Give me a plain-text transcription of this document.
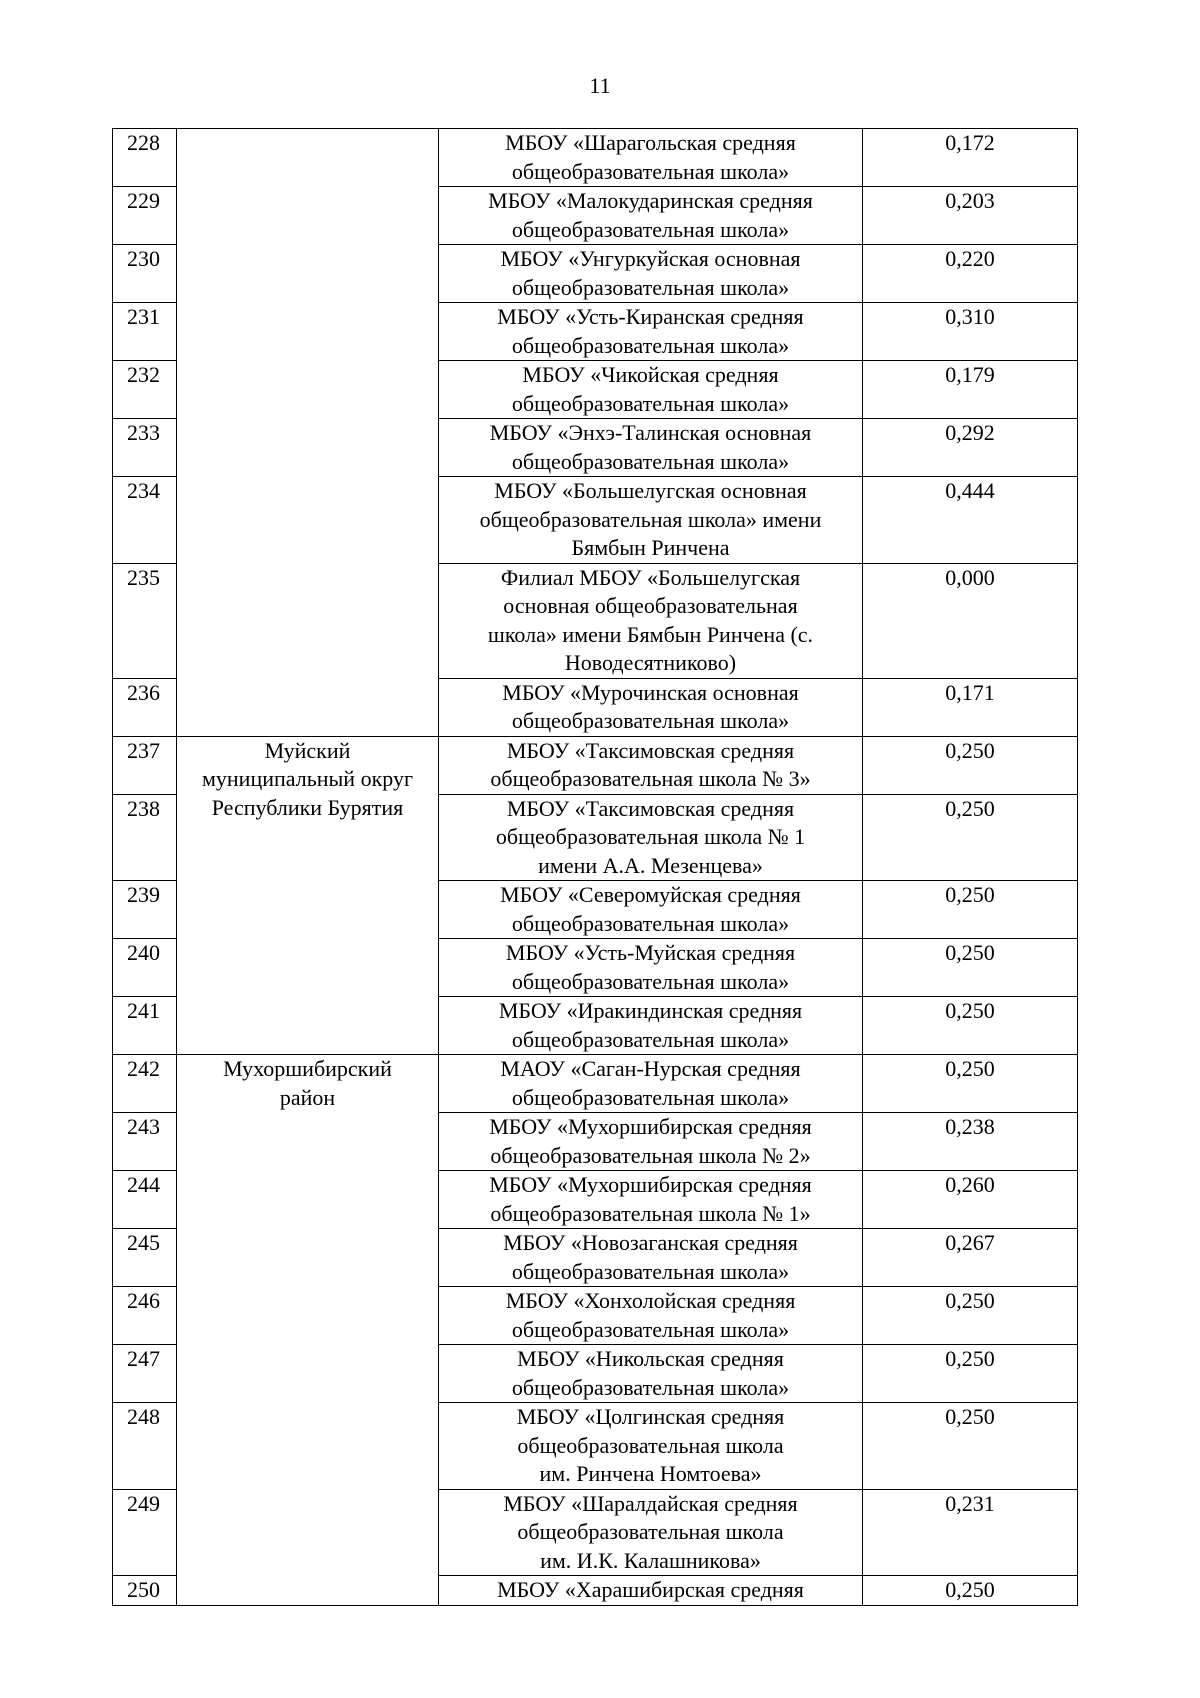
11
228		МБОУ «Шарагольская средняя
общеобразовательная школа»	0,172
229		МБОУ «Малокударинская средняя
общеобразовательная школа»	0,203
230		МБОУ «Унгуркуйская основная
общеобразовательная школа»	0,220
231		МБОУ «Усть-Киранская средняя
общеобразовательная школа»	0,310
232		МБОУ «Чикойская средняя
общеобразовательная школа»	0,179
233		МБОУ «Энхэ-Талинская основная
общеобразовательная школа»	0,292
234		МБОУ «Большелугская основная
общеобразовательная школа» имени
Бямбын Ринчена	0,444
235		Филиал МБОУ «Большелугская
основная общеобразовательная
школа» имени Бямбын Ринчена (с.
Новодесятниково)	0,000
236		МБОУ «Мурочинская основная
общеобразовательная школа»	0,171
237	Муйский
муниципальный округ
Республики Бурятия	МБОУ «Таксимовская средняя
общеобразовательная школа № 3»	0,250
238		МБОУ «Таксимовская средняя
общеобразовательная школа № 1
имени А.А. Мезенцева»	0,250
239		МБОУ «Северомуйская средняя
общеобразовательная школа»	0,250
240		МБОУ «Усть-Муйская средняя
общеобразовательная школа»	0,250
241		МБОУ «Иракиндинская средняя
общеобразовательная школа»	0,250
242	Мухоршибирский
район	МАОУ «Саган-Нурская средняя
общеобразовательная школа»	0,250
243		МБОУ «Мухоршибирская средняя
общеобразовательная школа № 2»	0,238
244		МБОУ «Мухоршибирская средняя
общеобразовательная школа № 1»	0,260
245		МБОУ «Новозаганская средняя
общеобразовательная школа»	0,267
246		МБОУ «Хонхолойская средняя
общеобразовательная школа»	0,250
247		МБОУ «Никольская средняя
общеобразовательная школа»	0,250
248		МБОУ «Цолгинская средняя
общеобразовательная школа
им. Ринчена Номтоева»	0,250
249		МБОУ «Шаралдайская средняя
общеобразовательная школа
им. И.К. Калашникова»	0,231
250		МБОУ «Харашибирская средняя	0,250
